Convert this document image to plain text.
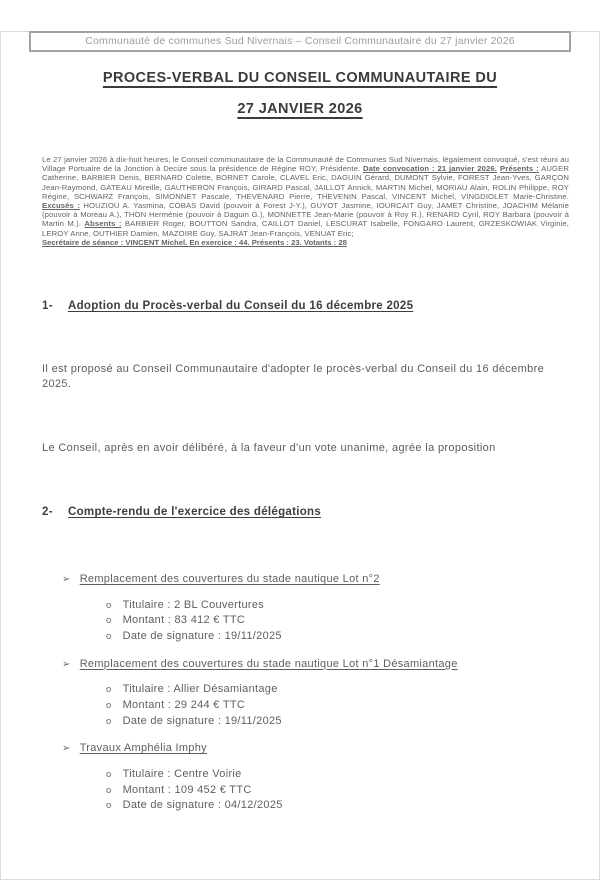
Communauté de communes Sud Nivernais – Conseil Communautaire du 27 janvier 2026
PROCES-VERBAL DU CONSEIL COMMUNAUTAIRE DU
27 JANVIER 2026

Le 27 janvier 2026 à dix-huit heures, le Conseil communautaire de la Communauté de Communes Sud Nivernais, légalement convoqué, s'est réuni au Village Portuaire de la Jonction à Decize sous la présidence de Régine ROY, Présidente. Date convocation : 21 janvier 2026. Présents : AUGER Catherine, BARBIER Denis, BERNARD Colette, BORNET Carole, CLAVEL Eric, DAGUIN Gérard, DUMONT Sylvie, FOREST Jean-Yves, GARÇON Jean-Raymond, GATEAU Mireille, GAUTHERON François, GIRARD Pascal, JAILLOT Annick, MARTIN Michel, MORIAU Alain, ROLIN Philippe, ROY Régine, SCHWARZ François, SIMONNET Pascale, THEVENARD Pierre, THEVENIN Pascal, VINCENT Michel, VINGDIOLET Marie-Christine. Excusés : HOUZIOU A. Yasmina, COBAS David (pouvoir à Forest J-Y.), GUYOT Jasmine, IOURCAIT Guy, JAMET Christine, JOACHIM Mélanie (pouvoir à Moreau A.), THON Herménie (pouvoir à Daguin G.), MONNETTE Jean-Marie (pouvoir à Roy R.), RENARD Cyril, ROY Barbara (pouvoir à Martin M.). Absents : BARBIER Roger, BOUTTON Sandra, CAILLOT Daniel, LESCURAT Isabelle, FONGARO Laurent, GRZESKOWIAK Virginie, LEROY Anne, OUTHIER Damien, MAZOIRE Guy, SAJRAT Jean-François, VENUAT Eric;

Secrétaire de séance : VINCENT Michel. En exercice : 44. Présents : 23. Votants : 28
1- Adoption du Procès-verbal du Conseil du 16 décembre 2025

Il est proposé au Conseil Communautaire d'adopter le procès-verbal du Conseil du 16 décembre 2025.

Le Conseil, après en avoir délibéré, à la faveur d'un vote unanime, agrée la proposition

2- Compte-rendu de l'exercice des délégations
➢ Remplacement des couvertures du stade nautique Lot n°2
o Titulaire : 2 BL Couvertures
o Montant : 83 412 € TTC
o Date de signature : 19/11/2025
➢ Remplacement des couvertures du stade nautique Lot n°1 Désamiantage
o Titulaire : Allier Désamiantage
o Montant : 29 244 € TTC
o Date de signature : 19/11/2025
➢ Travaux Amphélia Imphy
o Titulaire : Centre Voirie
o Montant : 109 452 € TTC
o Date de signature : 04/12/2025
